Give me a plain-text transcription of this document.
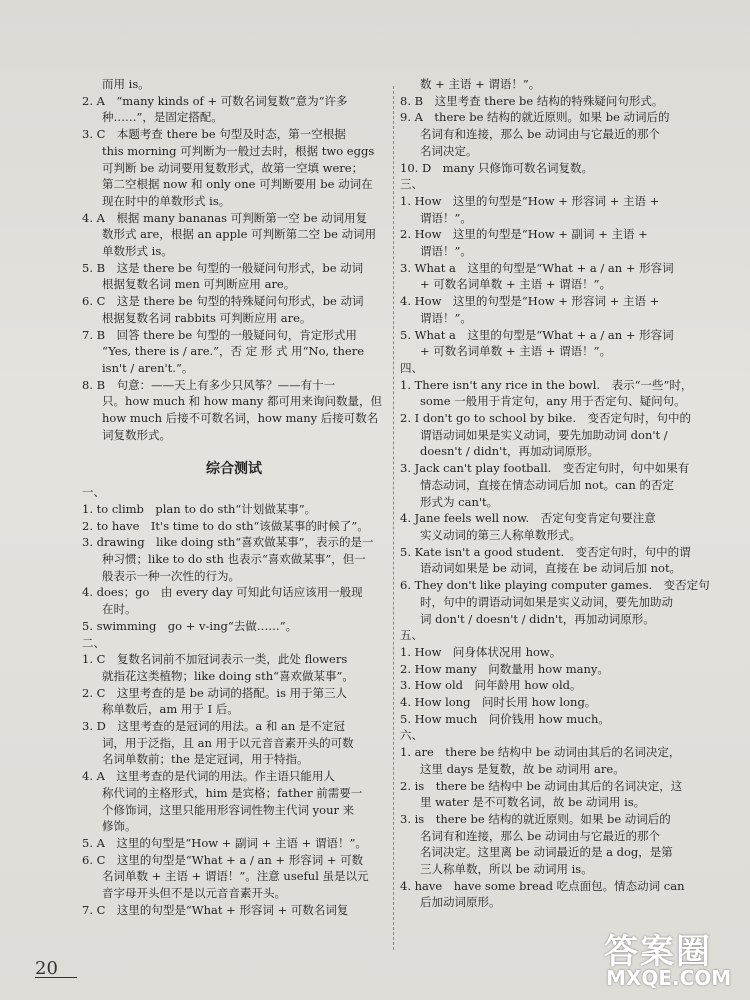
而用 is。
2. A　“many kinds of + 可数名词复数”意为“许多
种……”，是固定搭配。
3. C　本题考查 there be 句型及时态，第一空根据
this morning 可判断为一般过去时，根据 two eggs
可判断 be 动词要用复数形式，故第一空填 were；
第二空根据 now 和 only one 可判断要用 be 动词在
现在时中的单数形式 is。
4. A　根据 many bananas 可判断第一空 be 动词用复
数形式 are，根据 an apple 可判断第二空 be 动词用
单数形式 is。
5. B　这是 there be 句型的一般疑问句形式，be 动词
根据复数名词 men 可判断应用 are。
6. C　这是 there be 句型的特殊疑问句形式，be 动词
根据复数名词 rabbits 可判断应用 are。
7. B　回答 there be 句型的一般疑问句，肯定形式用
“Yes, there is / are.”，否 定 形 式 用“No, there
isn't / aren't.”。
8. B　句意：——天上有多少只风筝？——有十一
只。how much 和 how many 都可用来询问数量，但
how much 后接不可数名词，how many 后接可数名
词复数形式。
综合测试
一、
1. to climb　plan to do sth“计划做某事”。
2. to have　It's time to do sth“该做某事的时候了”。
3. drawing　like doing sth“喜欢做某事”，表示的是一
种习惯；like to do sth 也表示“喜欢做某事”，但一
般表示一种一次性的行为。
4. does；go　由 every day 可知此句话应该用一般现
在时。
5. swimming　go + v-ing“去做……”。
二、
1. C　复数名词前不加冠词表示一类，此处 flowers
就指花这类植物；like doing sth“喜欢做某事”。
2. C　这里考查的是 be 动词的搭配。is 用于第三人
称单数后，am 用于 I 后。
3. D　这里考查的是冠词的用法。a 和 an 是不定冠
词，用于泛指，且 an 用于以元音音素开头的可数
名词单数前；the 是定冠词，用于特指。
4. A　这里考查的是代词的用法。作主语只能用人
称代词的主格形式，him 是宾格；father 前需要一
个修饰词，这里只能用形容词性物主代词 your 来
修饰。
5. A　这里的句型是“How + 副词 + 主语 + 谓语！”。
6. C　这里的句型是“What + a / an + 形容词 + 可数
名词单数 + 主语 + 谓语！”。注意 useful 虽是以元
音字母开头但不是以元音音素开头。
7. C　这里的句型是“What + 形容词 + 可数名词复
数 + 主语 + 谓语！”。
8. B　这里考查 there be 结构的特殊疑问句形式。
9. A　there be 结构的就近原则。如果 be 动词后的
名词有和连接，那么 be 动词由与它最近的那个
名词决定。
10. D　many 只修饰可数名词复数。
三、
1. How　这里的句型是“How + 形容词 + 主语 +
谓语！”。
2. How　这里的句型是“How + 副词 + 主语 +
谓语！”。
3. What a　这里的句型是“What + a / an + 形容词
+ 可数名词单数 + 主语 + 谓语！”。
4. How　这里的句型是“How + 形容词 + 主语 +
谓语！”。
5. What a　这里的句型是“What + a / an + 形容词
+ 可数名词单数 + 主语 + 谓语！”。
四、
1. There isn't any rice in the bowl.　表示“一些”时，
some 一般用于肯定句，any 用于否定句、疑问句。
2. I don't go to school by bike.　变否定句时，句中的
谓语动词如果是实义动词，要先加助动词 don't /
doesn't / didn't，再加动词原形。
3. Jack can't play football.　变否定句时，句中如果有
情态动词，直接在情态动词后加 not。can 的否定
形式为 can't。
4. Jane feels well now.　否定句变肯定句要注意
实义动词的第三人称单数形式。
5. Kate isn't a good student.　变否定句时，句中的谓
语动词如果是 be 动词，直接在 be 动词后加 not。
6. They don't like playing computer games.　变否定句
时，句中的谓语动词如果是实义动词，要先加助动
词 don't / doesn't / didn't，再加动词原形。
五、
1. How　问身体状况用 how。
2. How many　问数量用 how many。
3. How old　问年龄用 how old。
4. How long　问时长用 how long。
5. How much　问价钱用 how much。
六、
1. are　there be 结构中 be 动词由其后的名词决定，
这里 days 是复数，故 be 动词用 are。
2. is　there be 结构中 be 动词由其后的名词决定，这
里 water 是不可数名词，故 be 动词用 is。
3. is　there be 结构的就近原则。如果 be 动词后的
名词有和连接，那么 be 动词由与它最近的那个
名词决定。这里离 be 动词最近的是 a dog，是第
三人称单数，所以 be 动词用 is。
4. have　have some bread 吃点面包。情态动词 can
后加动词原形。
20	答案圈
MXQE.COM
